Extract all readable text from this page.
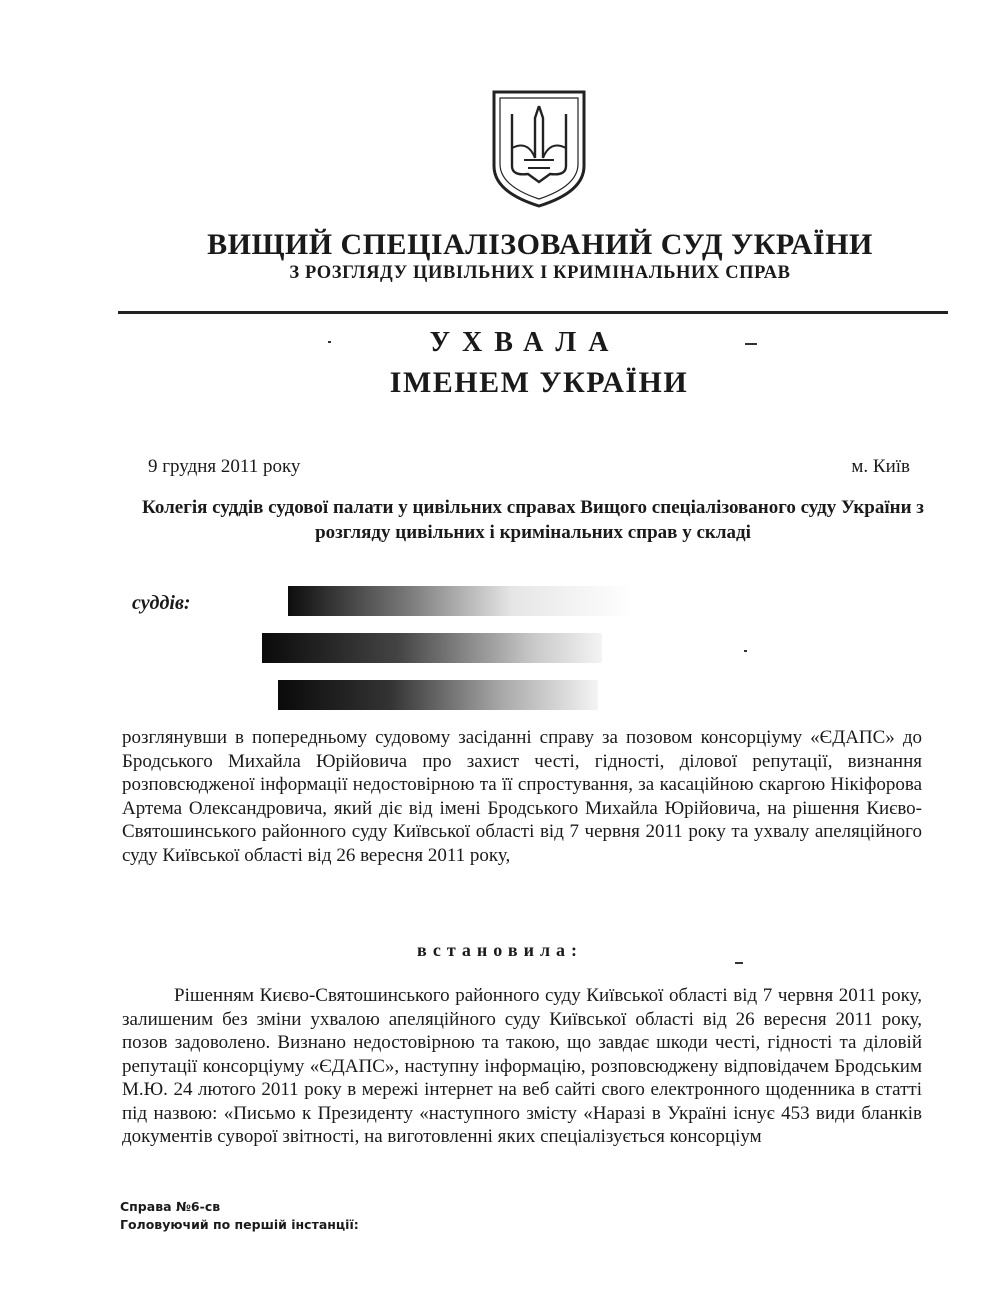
ВИЩИЙ СПЕЦІАЛІЗОВАНИЙ СУД УКРАЇНИ
З РОЗГЛЯДУ ЦИВІЛЬНИХ І КРИМІНАЛЬНИХ СПРАВ
УХВАЛА
ІМЕНЕМ УКРАЇНИ
9 грудня 2011 року	м. Київ
Колегія суддів судової палати у цивільних справах Вищого спеціалізованого суду України з розгляду цивільних і кримінальних справ у складі
суддів:

розглянувши в попередньому судовому засіданні справу за позовом консорціуму «ЄДАПС» до Бродського Михайла Юрійовича про захист честі, гідності, ділової репутації, визнання розповсюдженої інформації недостовірною та її спростування, за касаційною скаргою Нікіфорова Артема Олександровича, який діє від імені Бродського Михайла Юрійовича, на рішення Києво-Святошинського районного суду Київської області від 7 червня 2011 року та ухвалу апеляційного суду Київської області від 26 вересня 2011 року,

встановила:

Рішенням Києво-Святошинського районного суду Київської області від 7 червня 2011 року, залишеним без зміни ухвалою апеляційного суду Київської області від 26 вересня 2011 року, позов задоволено. Визнано недостовірною та такою, що завдає шкоди честі, гідності та діловій репутації консорціуму «ЄДАПС», наступну інформацію, розповсюджену відповідачем Бродським М.Ю. 24 лютого 2011 року в мережі інтернет на веб сайті свого електронного щоденника в статті під назвою: «Письмо к Президенту «наступного змісту «Наразі в Україні існує 453 види бланків документів суворої звітності, на виготовленні яких спеціалізується консорціум

Справа №6-св
Головуючий по першій інстанції:
